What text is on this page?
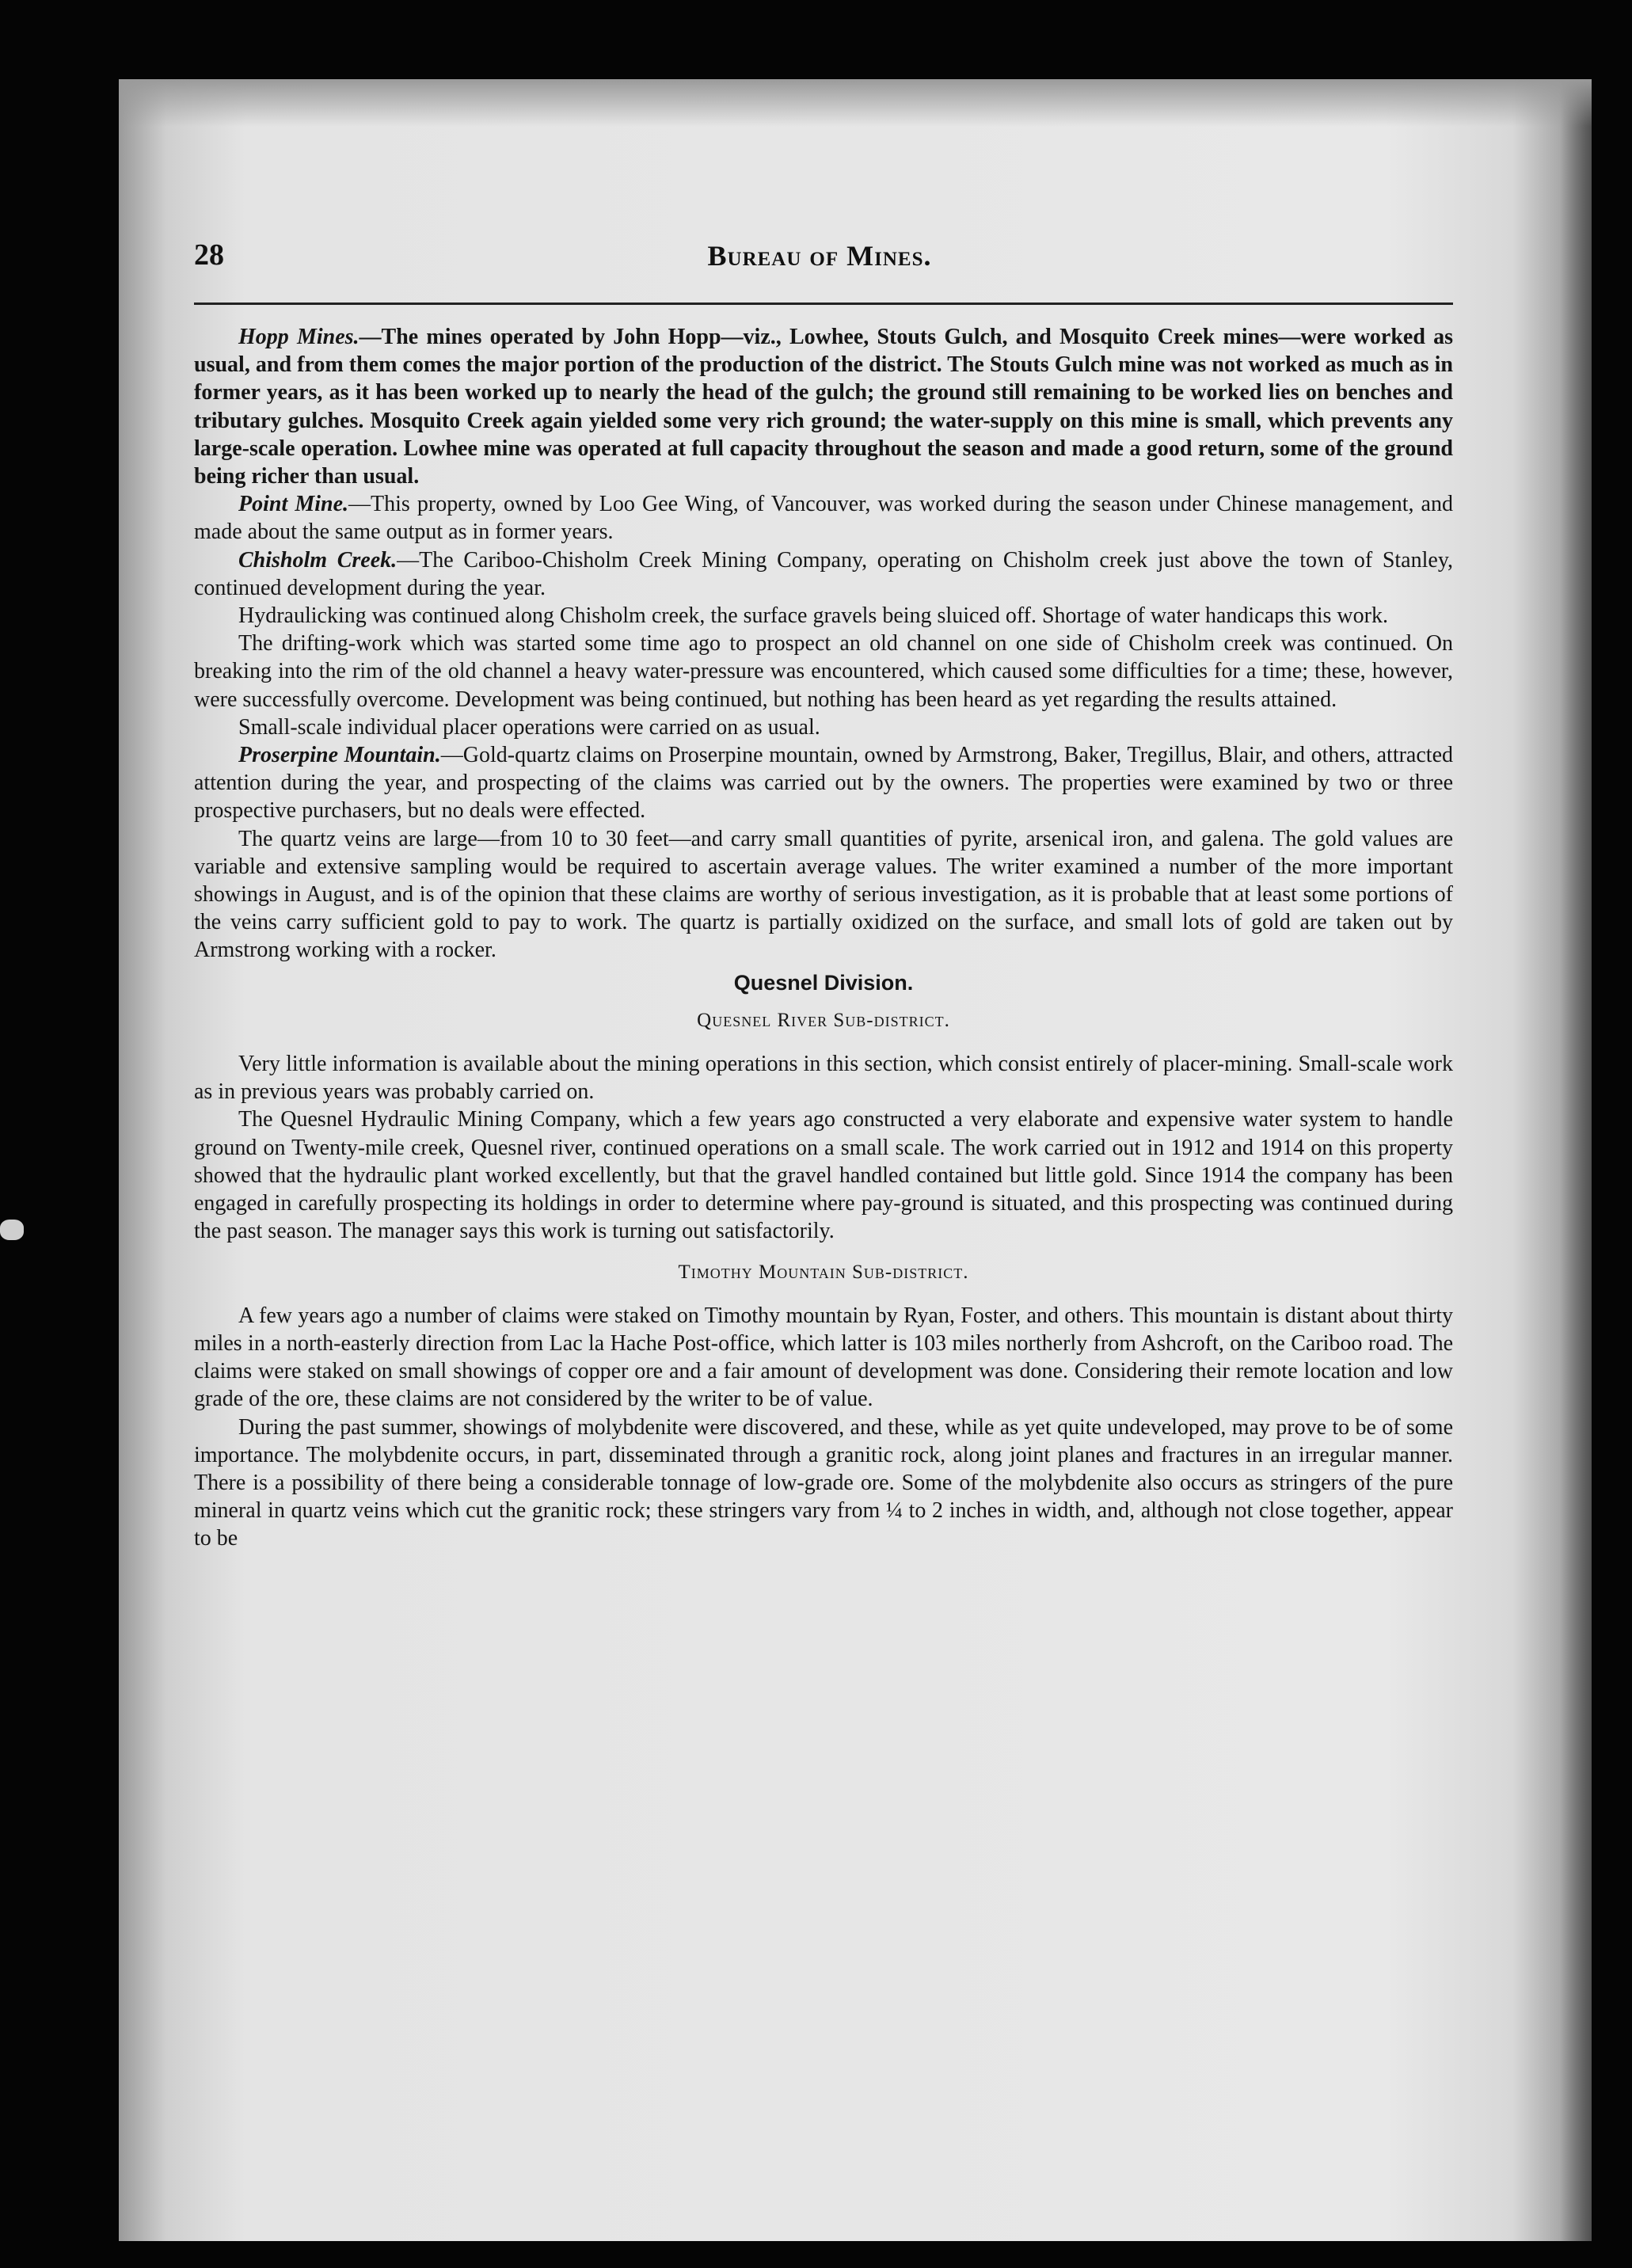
28	Bureau of Mines.

Hopp Mines.—The mines operated by John Hopp—viz., Lowhee, Stouts Gulch, and Mosquito Creek mines—were worked as usual, and from them comes the major portion of the production of the district. The Stouts Gulch mine was not worked as much as in former years, as it has been worked up to nearly the head of the gulch; the ground still remaining to be worked lies on benches and tributary gulches. Mosquito Creek again yielded some very rich ground; the water-supply on this mine is small, which prevents any large-scale operation. Lowhee mine was operated at full capacity throughout the season and made a good return, some of the ground being richer than usual.

Point Mine.—This property, owned by Loo Gee Wing, of Vancouver, was worked during the season under Chinese management, and made about the same output as in former years.

Chisholm Creek.—The Cariboo-Chisholm Creek Mining Company, operating on Chisholm creek just above the town of Stanley, continued development during the year.

Hydraulicking was continued along Chisholm creek, the surface gravels being sluiced off. Shortage of water handicaps this work.

The drifting-work which was started some time ago to prospect an old channel on one side of Chisholm creek was continued. On breaking into the rim of the old channel a heavy water-pressure was encountered, which caused some difficulties for a time; these, however, were successfully overcome. Development was being continued, but nothing has been heard as yet regarding the results attained.

Small-scale individual placer operations were carried on as usual.

Proserpine Mountain.—Gold-quartz claims on Proserpine mountain, owned by Armstrong, Baker, Tregillus, Blair, and others, attracted attention during the year, and prospecting of the claims was carried out by the owners. The properties were examined by two or three prospective purchasers, but no deals were effected.

The quartz veins are large—from 10 to 30 feet—and carry small quantities of pyrite, arsenical iron, and galena. The gold values are variable and extensive sampling would be required to ascertain average values. The writer examined a number of the more important showings in August, and is of the opinion that these claims are worthy of serious investigation, as it is probable that at least some portions of the veins carry sufficient gold to pay to work. The quartz is partially oxidized on the surface, and small lots of gold are taken out by Armstrong working with a rocker.

Quesnel Division.
Quesnel River Sub-district.

Very little information is available about the mining operations in this section, which consist entirely of placer-mining. Small-scale work as in previous years was probably carried on.

The Quesnel Hydraulic Mining Company, which a few years ago constructed a very elaborate and expensive water system to handle ground on Twenty-mile creek, Quesnel river, continued operations on a small scale. The work carried out in 1912 and 1914 on this property showed that the hydraulic plant worked excellently, but that the gravel handled contained but little gold. Since 1914 the company has been engaged in carefully prospecting its holdings in order to determine where pay-ground is situated, and this prospecting was continued during the past season. The manager says this work is turning out satisfactorily.

Timothy Mountain Sub-district.

A few years ago a number of claims were staked on Timothy mountain by Ryan, Foster, and others. This mountain is distant about thirty miles in a north-easterly direction from Lac la Hache Post-office, which latter is 103 miles northerly from Ashcroft, on the Cariboo road. The claims were staked on small showings of copper ore and a fair amount of development was done. Considering their remote location and low grade of the ore, these claims are not considered by the writer to be of value.

During the past summer, showings of molybdenite were discovered, and these, while as yet quite undeveloped, may prove to be of some importance. The molybdenite occurs, in part, disseminated through a granitic rock, along joint planes and fractures in an irregular manner. There is a possibility of there being a considerable tonnage of low-grade ore. Some of the molybdenite also occurs as stringers of the pure mineral in quartz veins which cut the granitic rock; these stringers vary from ¼ to 2 inches in width, and, although not close together, appear to be
